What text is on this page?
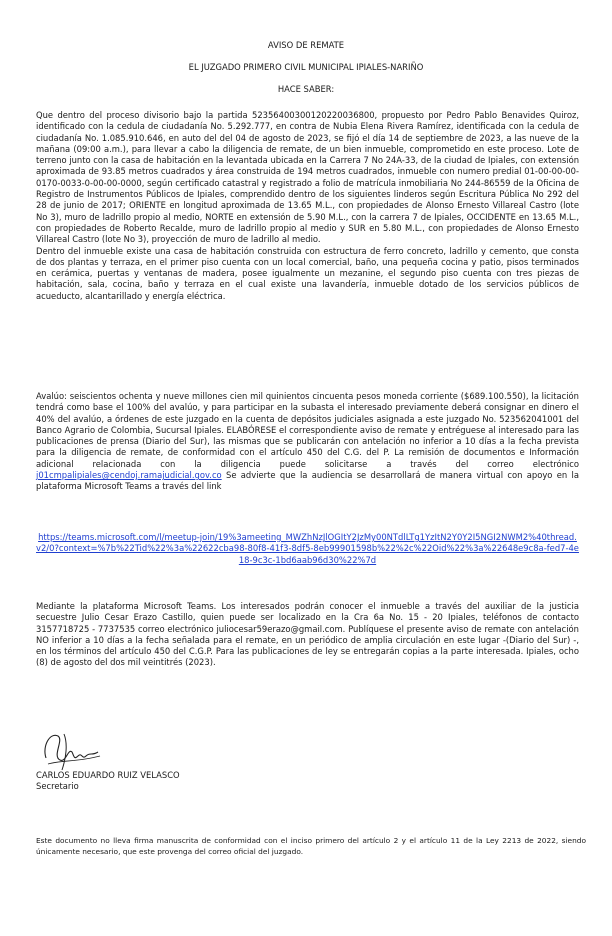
AVISO DE REMATE
EL JUZGADO PRIMERO CIVIL MUNICIPAL IPIALES-NARIÑO
HACE SABER:

Que dentro del proceso divisorio bajo la partida 52356400300120220036800, propuesto por Pedro Pablo Benavides Quiroz, identificado con la cedula de ciudadanía No. 5.292.777, en contra de Nubia Elena Rivera Ramírez, identificada con la cedula de ciudadanía No. 1.085.910.646, en auto del del 04 de agosto de 2023, se fijó el día 14 de septiembre de 2023, a las nueve de la mañana (09:00 a.m.), para llevar a cabo la diligencia de remate, de un bien inmueble, comprometido en este proceso. Lote de terreno junto con la casa de habitación en la levantada ubicada en la Carrera 7 No 24A-33, de la ciudad de Ipiales, con extensión aproximada de 93.85 metros cuadrados y área construida de 194 metros cuadrados, inmueble con numero predial 01-00-00-00-0170-0033-0-00-00-0000, según certificado catastral y registrado a folio de matrícula inmobiliaria No 244-86559 de la Oficina de Registro de Instrumentos Públicos de Ipiales, comprendido dentro de los siguientes linderos según Escritura Pública No 292 del 28 de junio de 2017; ORIENTE en longitud aproximada de 13.65 M.L., con propiedades de Alonso Ernesto Villareal Castro (lote No 3), muro de ladrillo propio al medio, NORTE en extensión de 5.90 M.L., con la carrera 7 de Ipiales, OCCIDENTE en 13.65 M.L., con propiedades de Roberto Recalde, muro de ladrillo propio al medio y SUR en 5.80 M.L., con propiedades de Alonso Ernesto Villareal Castro (lote No 3), proyección de muro de ladrillo al medio.

Dentro del inmueble existe una casa de habitación construida con estructura de ferro concreto, ladrillo y cemento, que consta de dos plantas y terraza, en el primer piso cuenta con un local comercial, baño, una pequeña cocina y patio, pisos terminados en cerámica, puertas y ventanas de madera, posee igualmente un mezanine, el segundo piso cuenta con tres piezas de habitación, sala, cocina, baño y terraza en el cual existe una lavandería, inmueble dotado de los servicios públicos de acueducto, alcantarillado y energía eléctrica.

Avalúo: seiscientos ochenta y nueve millones cien mil quinientos cincuenta pesos moneda corriente ($689.100.550), la licitación tendrá como base el 100% del avalúo, y para participar en la subasta el interesado previamente deberá consignar en dinero el 40% del avalúo, a órdenes de este juzgado en la cuenta de depósitos judiciales asignada a este juzgado No. 523562041001 del Banco Agrario de Colombia, Sucursal Ipiales. ELABÓRESE el correspondiente aviso de remate y entréguese al interesado para las publicaciones de prensa (Diario del Sur), las mismas que se publicarán con antelación no inferior a 10 días a la fecha prevista para la diligencia de remate, de conformidad con el artículo 450 del C.G. del P. La remisión de documentos e Información adicional relacionada con la diligencia puede solicitarse a través del correo electrónico j01cmpalipiales@cendoj.ramajudicial.gov.co Se advierte que la audiencia se desarrollará de manera virtual con apoyo en la plataforma Microsoft Teams a través del link

https://teams.microsoft.com/l/meetup-join/19%3ameeting_MWZhNzJlOGItY2JzMy00NTdlLTg1YzItN2Y0Y2I5NGI2NWM2%40thread.v2/0?context=%7b%22Tid%22%3a%22622cba98-80f8-41f3-8df5-8eb99901598b%22%2c%22Oid%22%3a%22648e9c8a-fed7-4e18-9c3c-1bd6aab96d30%22%7d

Mediante la plataforma Microsoft Teams. Los interesados podrán conocer el inmueble a través del auxiliar de la justicia secuestre Julio Cesar Erazo Castillo, quien puede ser localizado en la Cra 6a No. 15 - 20 Ipiales, teléfonos de contacto 3157718725 - 7737535 correo electrónico juliocesar59erazo@gmail.com. Publíquese el presente aviso de remate con antelación NO inferior a 10 días a la fecha señalada para el remate, en un periódico de amplia circulación en este lugar -(Diario del Sur) -, en los términos del artículo 450 del C.G.P. Para las publicaciones de ley se entregarán copias a la parte interesada. Ipiales, ocho (8) de agosto del dos mil veintitrés (2023).

CARLOS EDUARDO RUIZ VELASCO
Secretario
Este documento no lleva firma manuscrita de conformidad con el inciso primero del artículo 2 y el artículo 11 de la Ley 2213 de 2022, siendo únicamente necesario, que este provenga del correo oficial del juzgado.
